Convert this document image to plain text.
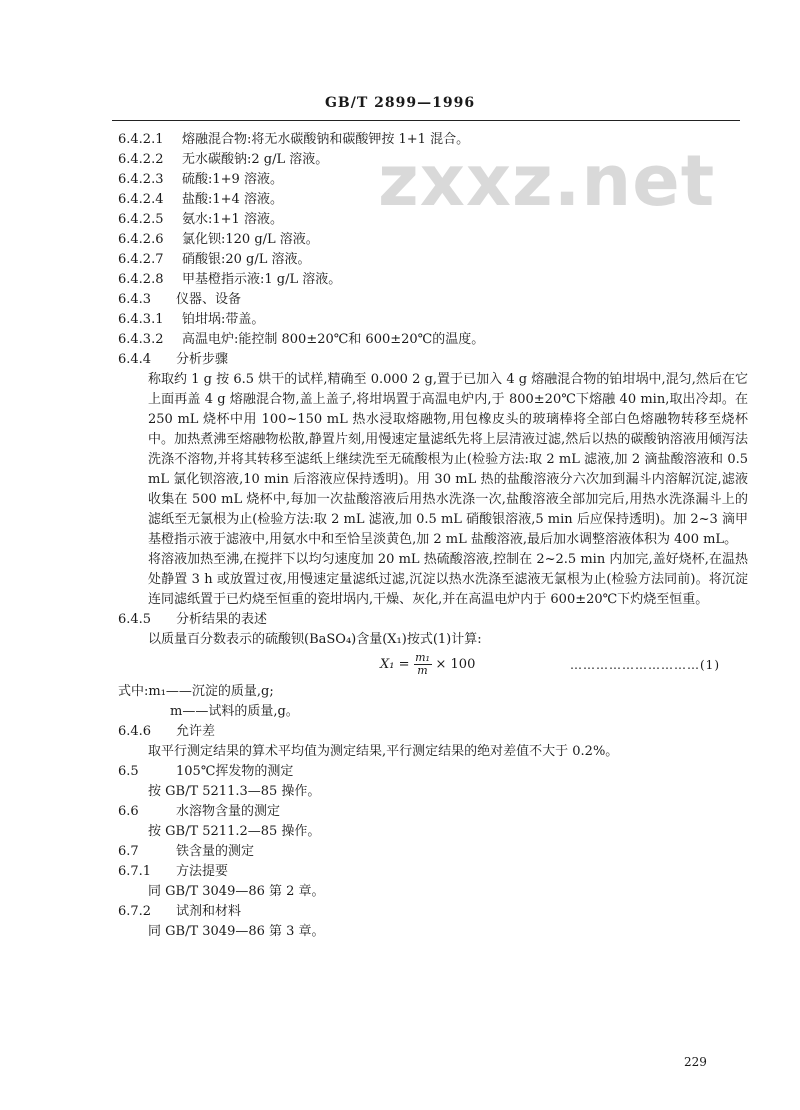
GB/T 2899—1996
zxxz.net
6.4.2.1 熔融混合物:将无水碳酸钠和碳酸钾按 1+1 混合。
6.4.2.2 无水碳酸钠:2 g/L 溶液。
6.4.2.3 硫酸:1+9 溶液。
6.4.2.4 盐酸:1+4 溶液。
6.4.2.5 氨水:1+1 溶液。
6.4.2.6 氯化钡:120 g/L 溶液。
6.4.2.7 硝酸银:20 g/L 溶液。
6.4.2.8 甲基橙指示液:1 g/L 溶液。
6.4.3 仪器、设备
6.4.3.1 铂坩埚:带盖。
6.4.3.2 高温电炉:能控制 800±20℃和 600±20℃的温度。
6.4.4 分析步骤
称取约 1 g 按 6.5 烘干的试样,精确至 0.000 2 g,置于已加入 4 g 熔融混合物的铂坩埚中,混匀,然后在它上面再盖 4 g 熔融混合物,盖上盖子,将坩埚置于高温电炉内,于 800±20℃下熔融 40 min,取出冷却。在 250 mL 烧杯中用 100~150 mL 热水浸取熔融物,用包橡皮头的玻璃棒将全部白色熔融物转移至烧杯中。加热煮沸至熔融物松散,静置片刻,用慢速定量滤纸先将上层清液过滤,然后以热的碳酸钠溶液用倾泻法洗涤不溶物,并将其转移至滤纸上继续洗至无硫酸根为止(检验方法:取 2 mL 滤液,加 2 滴盐酸溶液和 0.5 mL 氯化钡溶液,10 min 后溶液应保持透明)。用 30 mL 热的盐酸溶液分六次加到漏斗内溶解沉淀,滤液收集在 500 mL 烧杯中,每加一次盐酸溶液后用热水洗涤一次,盐酸溶液全部加完后,用热水洗涤漏斗上的滤纸至无氯根为止(检验方法:取 2 mL 滤液,加 0.5 mL 硝酸银溶液,5 min 后应保持透明)。加 2~3 滴甲基橙指示液于滤液中,用氨水中和至恰呈淡黄色,加 2 mL 盐酸溶液,最后加水调整溶液体积为 400 mL。
将溶液加热至沸,在搅拌下以均匀速度加 20 mL 热硫酸溶液,控制在 2~2.5 min 内加完,盖好烧杯,在温热处静置 3 h 或放置过夜,用慢速定量滤纸过滤,沉淀以热水洗涤至滤液无氯根为止(检验方法同前)。将沉淀连同滤纸置于已灼烧至恒重的瓷坩埚内,干燥、灰化,并在高温电炉内于 600±20℃下灼烧至恒重。
6.4.5 分析结果的表述
以质量百分数表示的硫酸钡(BaSO₄)含量(X₁)按式(1)计算:
$X_1 = \frac{\text{m₁}}{m} \times 100$	…………………………(1)
式中:m₁——沉淀的质量,g;
m——试料的质量,g。
6.4.6 允许差
取平行测定结果的算术平均值为测定结果,平行测定结果的绝对差值不大于 0.2%。
6.5	105℃挥发物的测定
按 GB/T 5211.3—85 操作。
6.6	水溶物含量的测定
按 GB/T 5211.2—85 操作。
6.7	铁含量的测定
6.7.1 方法提要
同 GB/T 3049—86 第 2 章。
6.7.2 试剂和材料
同 GB/T 3049—86 第 3 章。
229
